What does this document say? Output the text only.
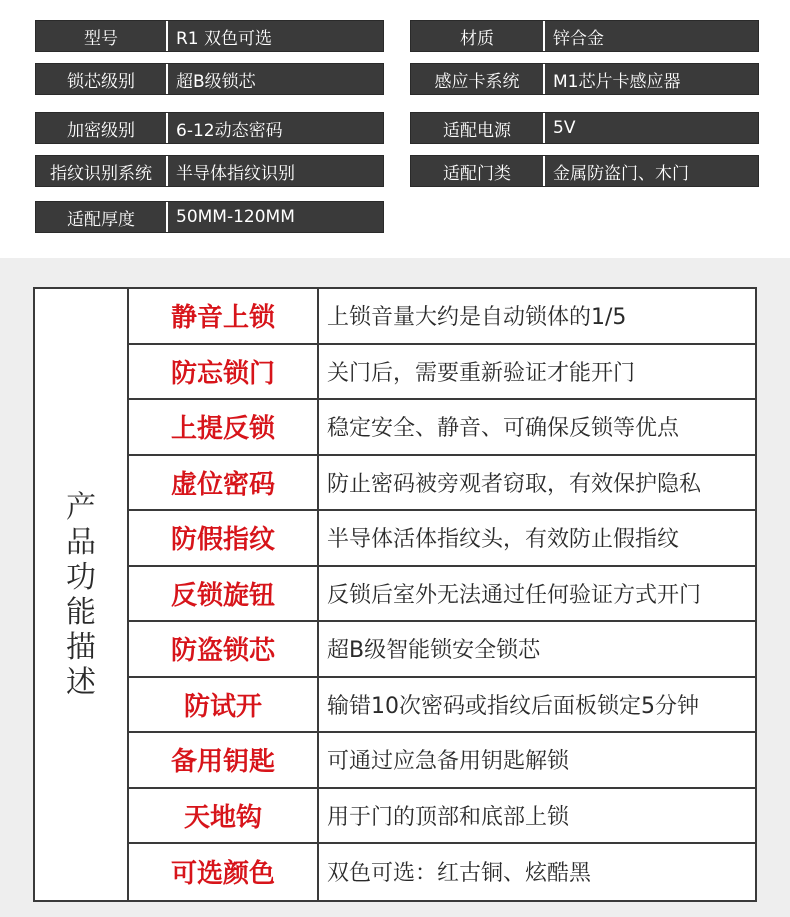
型号	R1 双色可选
锁芯级别	超B级锁芯
加密级别	6-12动态密码
指纹识别系统	半导体指纹识别
适配厚度	50MM-120MM
材质	锌合金
感应卡系统	M1芯片卡感应器
适配电源	5V
适配门类	金属防盗门、木门
产
品
功
能
描
述
静音上锁	上锁音量大约是自动锁体的1/5
防忘锁门	关门后，需要重新验证才能开门
上提反锁	稳定安全、静音、可确保反锁等优点
虚位密码	防止密码被旁观者窃取，有效保护隐私
防假指纹	半导体活体指纹头，有效防止假指纹
反锁旋钮	反锁后室外无法通过任何验证方式开门
防盗锁芯	超B级智能锁安全锁芯
防试开	输错10次密码或指纹后面板锁定5分钟
备用钥匙	可通过应急备用钥匙解锁
天地钩	用于门的顶部和底部上锁
可选颜色	双色可选：红古铜、炫酷黑
